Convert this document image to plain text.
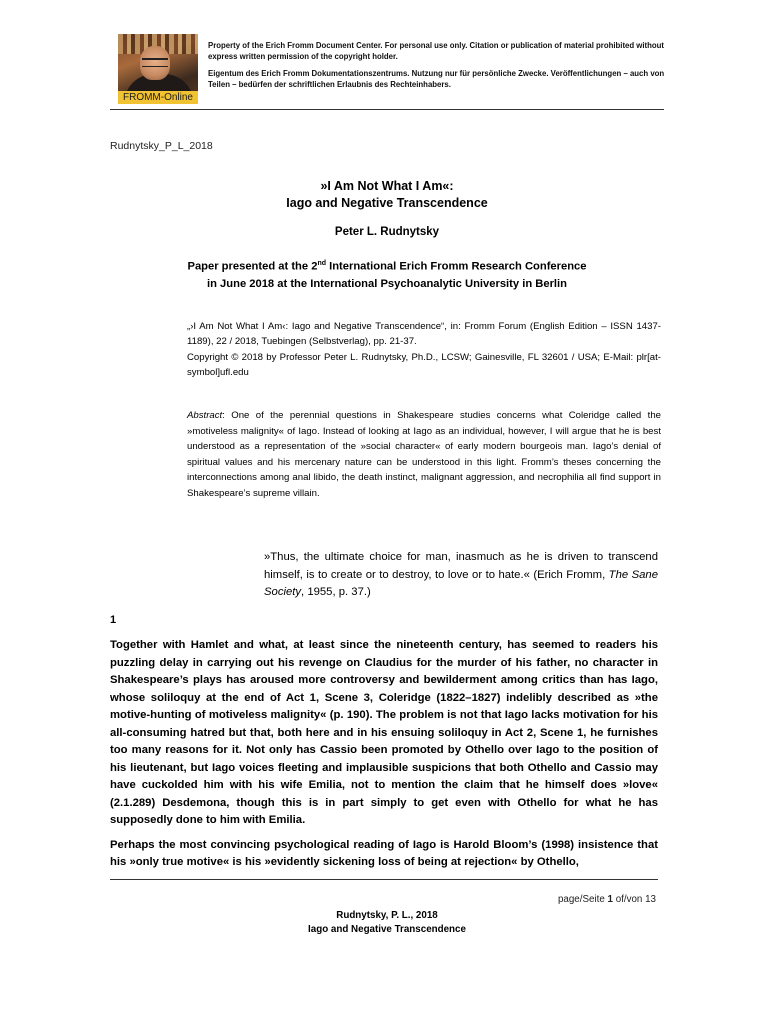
FROMM-Online

Property of the Erich Fromm Document Center. For personal use only. Citation or publication of material prohibited without express written permission of the copyright holder.

Eigentum des Erich Fromm Dokumentationszentrums. Nutzung nur für persönliche Zwecke. Veröffentlichungen – auch von Teilen – bedürfen der schriftlichen Erlaubnis des Rechteinhabers.

Rudnytsky_P_L_2018
»I Am Not What I Am«:
Iago and Negative Transcendence
Peter L. Rudnytsky
Paper presented at the 2nd International Erich Fromm Research Conference
in June 2018 at the International Psychoanalytic University in Berlin

„›I Am Not What I Am‹: Iago and Negative Transcendence“, in: Fromm Forum (English Edition – ISSN 1437-1189), 22 / 2018, Tuebingen (Selbstverlag), pp. 21-37.

Copyright © 2018 by Professor Peter L. Rudnytsky, Ph.D., LCSW; Gainesville, FL 32601 / USA; E-Mail: plr[at-symbol]ufl.edu

Abstract: One of the perennial questions in Shakespeare studies concerns what Coleridge called the »motiveless malignity« of Iago. Instead of looking at Iago as an individual, however, I will argue that he is best understood as a representation of the »social character« of early modern bourgeois man. Iago’s denial of spiritual values and his mercenary nature can be understood in this light. Fromm’s theses concerning the interconnections among anal libido, the death instinct, malignant aggression, and necrophilia all find support in Shakespeare’s supreme villain.
»Thus, the ultimate choice for man, inasmuch as he is driven to transcend himself, is to create or to destroy, to love or to hate.« (Erich Fromm, The Sane Society, 1955, p. 37.)
1

Together with Hamlet and what, at least since the nineteenth century, has seemed to readers his puzzling delay in carrying out his revenge on Claudius for the murder of his father, no character in Shakespeare’s plays has aroused more controversy and bewilderment among critics than has Iago, whose soliloquy at the end of Act 1, Scene 3, Coleridge (1822–1827) indelibly described as »the motive-hunting of motiveless malignity« (p. 190). The problem is not that Iago lacks motivation for his all-consuming hatred but that, both here and in his ensuing soliloquy in Act 2, Scene 1, he furnishes too many reasons for it. Not only has Cassio been promoted by Othello over Iago to the position of his lieutenant, but Iago voices fleeting and implausible suspicions that both Othello and Cassio may have cuckolded him with his wife Emilia, not to mention the claim that he himself does »love« (2.1.289) Desdemona, though this is in part simply to get even with Othello for what he has supposedly done to him with Emilia.

Perhaps the most convincing psychological reading of Iago is Harold Bloom’s (1998) insistence that his »only true motive« is his »evidently sickening loss of being at rejection« by Othello,

page/Seite 1 of/von 13
Rudnytsky, P. L., 2018
Iago and Negative Transcendence
